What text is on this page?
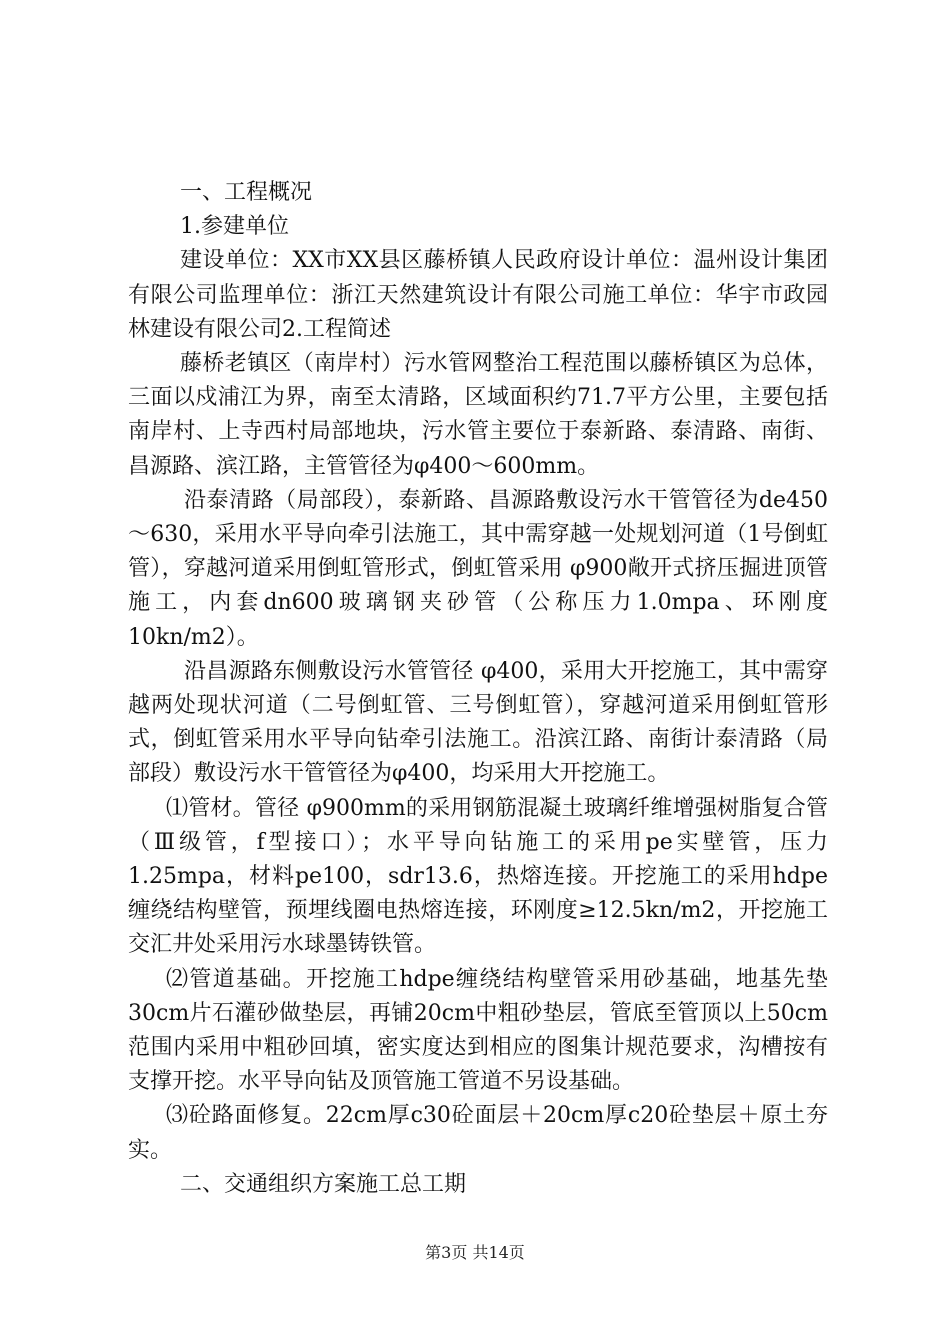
一、工程概况

1.参建单位

建设单位：XX市XX县区藤桥镇人民政府设计单位：温州设计集团有限公司监理单位：浙江天然建筑设计有限公司施工单位：华宇市政园林建设有限公司2.工程简述

藤桥老镇区（南岸村）污水管网整治工程范围以藤桥镇区为总体，三面以戍浦江为界，南至太清路，区域面积约71.7平方公里，主要包括南岸村、上寺西村局部地块，污水管主要位于泰新路、泰清路、南街、昌源路、滨江路，主管管径为φ400～600mm。

沿泰清路（局部段），泰新路、昌源路敷设污水干管管径为de450～630，采用水平导向牵引法施工，其中需穿越一处规划河道（1号倒虹管），穿越河道采用倒虹管形式，倒虹管采用 φ900敞开式挤压掘进顶管施工，内套dn600玻璃钢夹砂管（公称压力1.0mpa、环刚度10kn/m2）。

沿昌源路东侧敷设污水管管径 φ400，采用大开挖施工，其中需穿越两处现状河道（二号倒虹管、三号倒虹管），穿越河道采用倒虹管形式，倒虹管采用水平导向钻牵引法施工。沿滨江路、南街计泰清路（局部段）敷设污水干管管径为φ400，均采用大开挖施工。

⑴管材。管径 φ900mm的采用钢筋混凝土玻璃纤维增强树脂复合管（Ⅲ级管，f型接口）；水平导向钻施工的采用pe实壁管，压力1.25mpa，材料pe100，sdr13.6，热熔连接。开挖施工的采用hdpe缠绕结构壁管，预埋线圈电热熔连接，环刚度≥12.5kn/m2，开挖施工交汇井处采用污水球墨铸铁管。

⑵管道基础。开挖施工hdpe缠绕结构壁管采用砂基础，地基先垫30cm片石灌砂做垫层，再铺20cm中粗砂垫层，管底至管顶以上50cm范围内采用中粗砂回填，密实度达到相应的图集计规范要求，沟槽按有支撑开挖。水平导向钻及顶管施工管道不另设基础。

⑶砼路面修复。22cm厚c30砼面层＋20cm厚c20砼垫层＋原土夯实。

二、交通组织方案施工总工期

第3页 共14页
